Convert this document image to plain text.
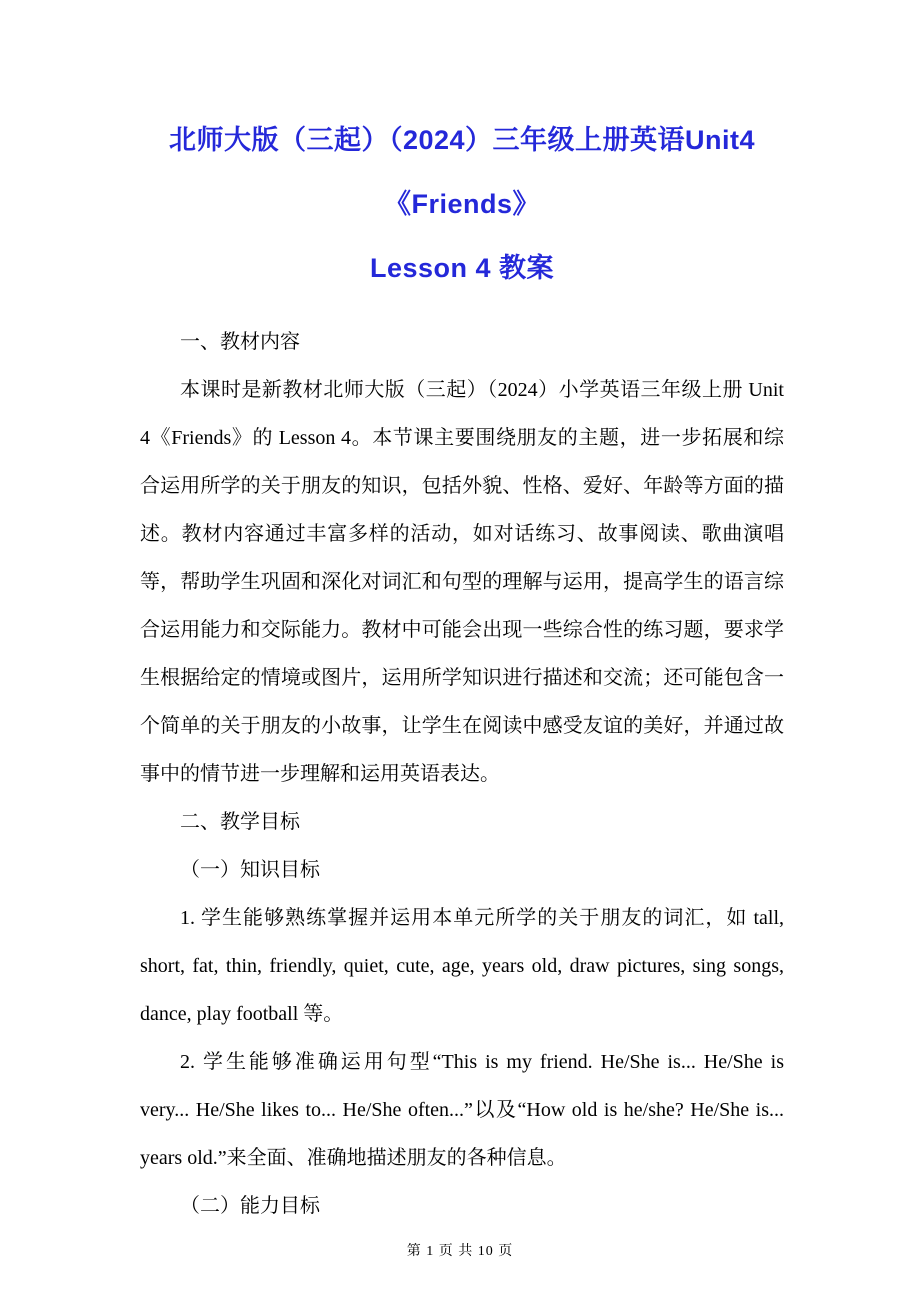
北师大版（三起）（2024）三年级上册英语Unit4《Friends》
Lesson 4 教案

一、教材内容

本课时是新教材北师大版（三起）（2024）小学英语三年级上册 Unit 4《Friends》的 Lesson 4。本节课主要围绕朋友的主题，进一步拓展和综合运用所学的关于朋友的知识，包括外貌、性格、爱好、年龄等方面的描述。教材内容通过丰富多样的活动，如对话练习、故事阅读、歌曲演唱等，帮助学生巩固和深化对词汇和句型的理解与运用，提高学生的语言综合运用能力和交际能力。教材中可能会出现一些综合性的练习题，要求学生根据给定的情境或图片，运用所学知识进行描述和交流；还可能包含一个简单的关于朋友的小故事，让学生在阅读中感受友谊的美好，并通过故事中的情节进一步理解和运用英语表达。

二、教学目标

（一）知识目标

1. 学生能够熟练掌握并运用本单元所学的关于朋友的词汇，如 tall, short, fat, thin, friendly, quiet, cute, age, years old, draw pictures, sing songs, dance, play football 等。

2. 学生能够准确运用句型“This is my friend. He/She is... He/She is very... He/She likes to... He/She often...”以及“How old is he/she? He/She is... years old.”来全面、准确地描述朋友的各种信息。

（二）能力目标

第 1 页 共 10 页
